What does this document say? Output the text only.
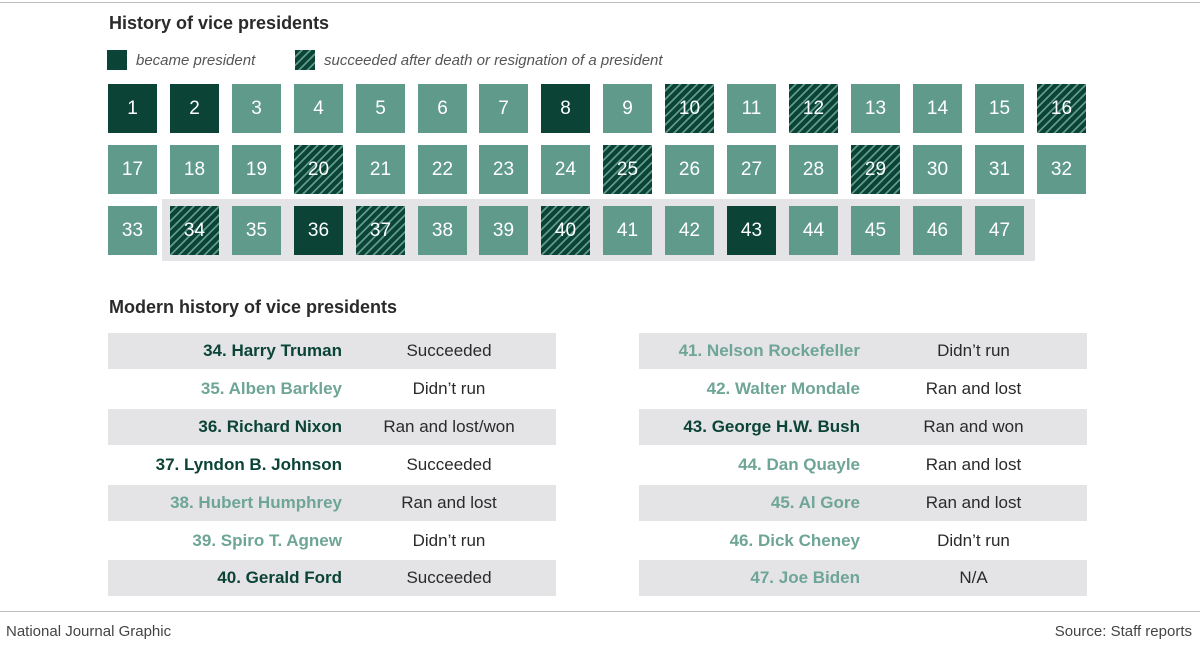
History of vice presidents
became president	succeeded after death or resignation of a president
1	2	3	4	5	6	7	8	9	10	11	12	13	14	15	16
17	18	19	20	21	22	23	24	25	26	27	28	29	30	31	32
33	34	35	36	37	38	39	40	41	42	43	44	45	46	47
Modern history of vice presidents
34. Harry Truman	Succeeded
35. Alben Barkley	Didn’t run
36. Richard Nixon	Ran and lost/won
37. Lyndon B. Johnson	Succeeded
38. Hubert Humphrey	Ran and lost
39. Spiro T. Agnew	Didn’t run
40. Gerald Ford	Succeeded
41. Nelson Rockefeller	Didn’t run
42. Walter Mondale	Ran and lost
43. George H.W. Bush	Ran and won
44. Dan Quayle	Ran and lost
45. Al Gore	Ran and lost
46. Dick Cheney	Didn’t run
47. Joe Biden	N/A
National Journal Graphic	Source: Staff reports
